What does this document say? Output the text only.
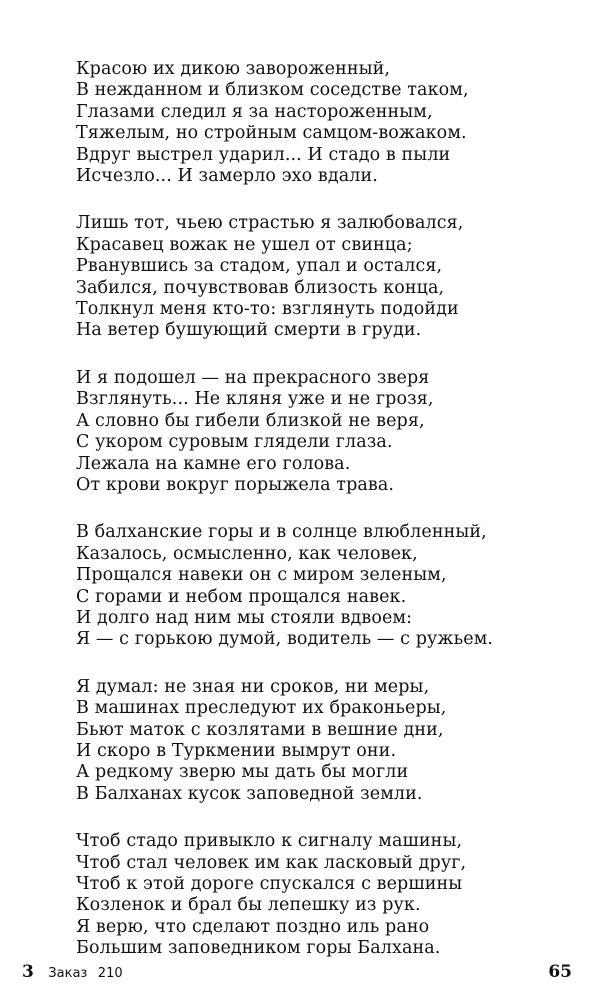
Красою их дикою завороженный,
В нежданном и близком соседстве таком,
Глазами следил я за настороженным,
Тяжелым, но стройным самцом-вожаком.
Вдруг выстрел ударил... И стадо в пыли
Исчезло... И замерло эхо вдали.
Лишь тот, чьею страстью я залюбовался,
Красавец вожак не ушел от свинца;
Рванувшись за стадом, упал и остался,
Забился, почувствовав близость конца,
Толкнул меня кто-то: взглянуть подойди
На ветер бушующий смерти в груди.
И я подошел — на прекрасного зверя
Взглянуть... Не кляня уже и не грозя,
А словно бы гибели близкой не веря,
С укором суровым глядели глаза.
Лежала на камне его голова.
От крови вокруг порыжела трава.
В балханские горы и в солнце влюбленный,
Казалось, осмысленно, как человек,
Прощался навеки он с миром зеленым,
С горами и небом прощался навек.
И долго над ним мы стояли вдвоем:
Я — с горькою думой, водитель — с ружьем.
Я думал: не зная ни сроков, ни меры,
В машинах преследуют их браконьеры,
Бьют маток с козлятами в вешние дни,
И скоро в Туркмении вымрут они.
А редкому зверю мы дать бы могли
В Балханах кусок заповедной земли.
Чтоб стадо привыкло к сигналу машины,
Чтоб стал человек им как ласковый друг,
Чтоб к этой дороге спускался с вершины
Козленок и брал бы лепешку из рук.
Я верю, что сделают поздно иль рано
Большим заповедником горы Балхана.
3 Заказ 210	65
